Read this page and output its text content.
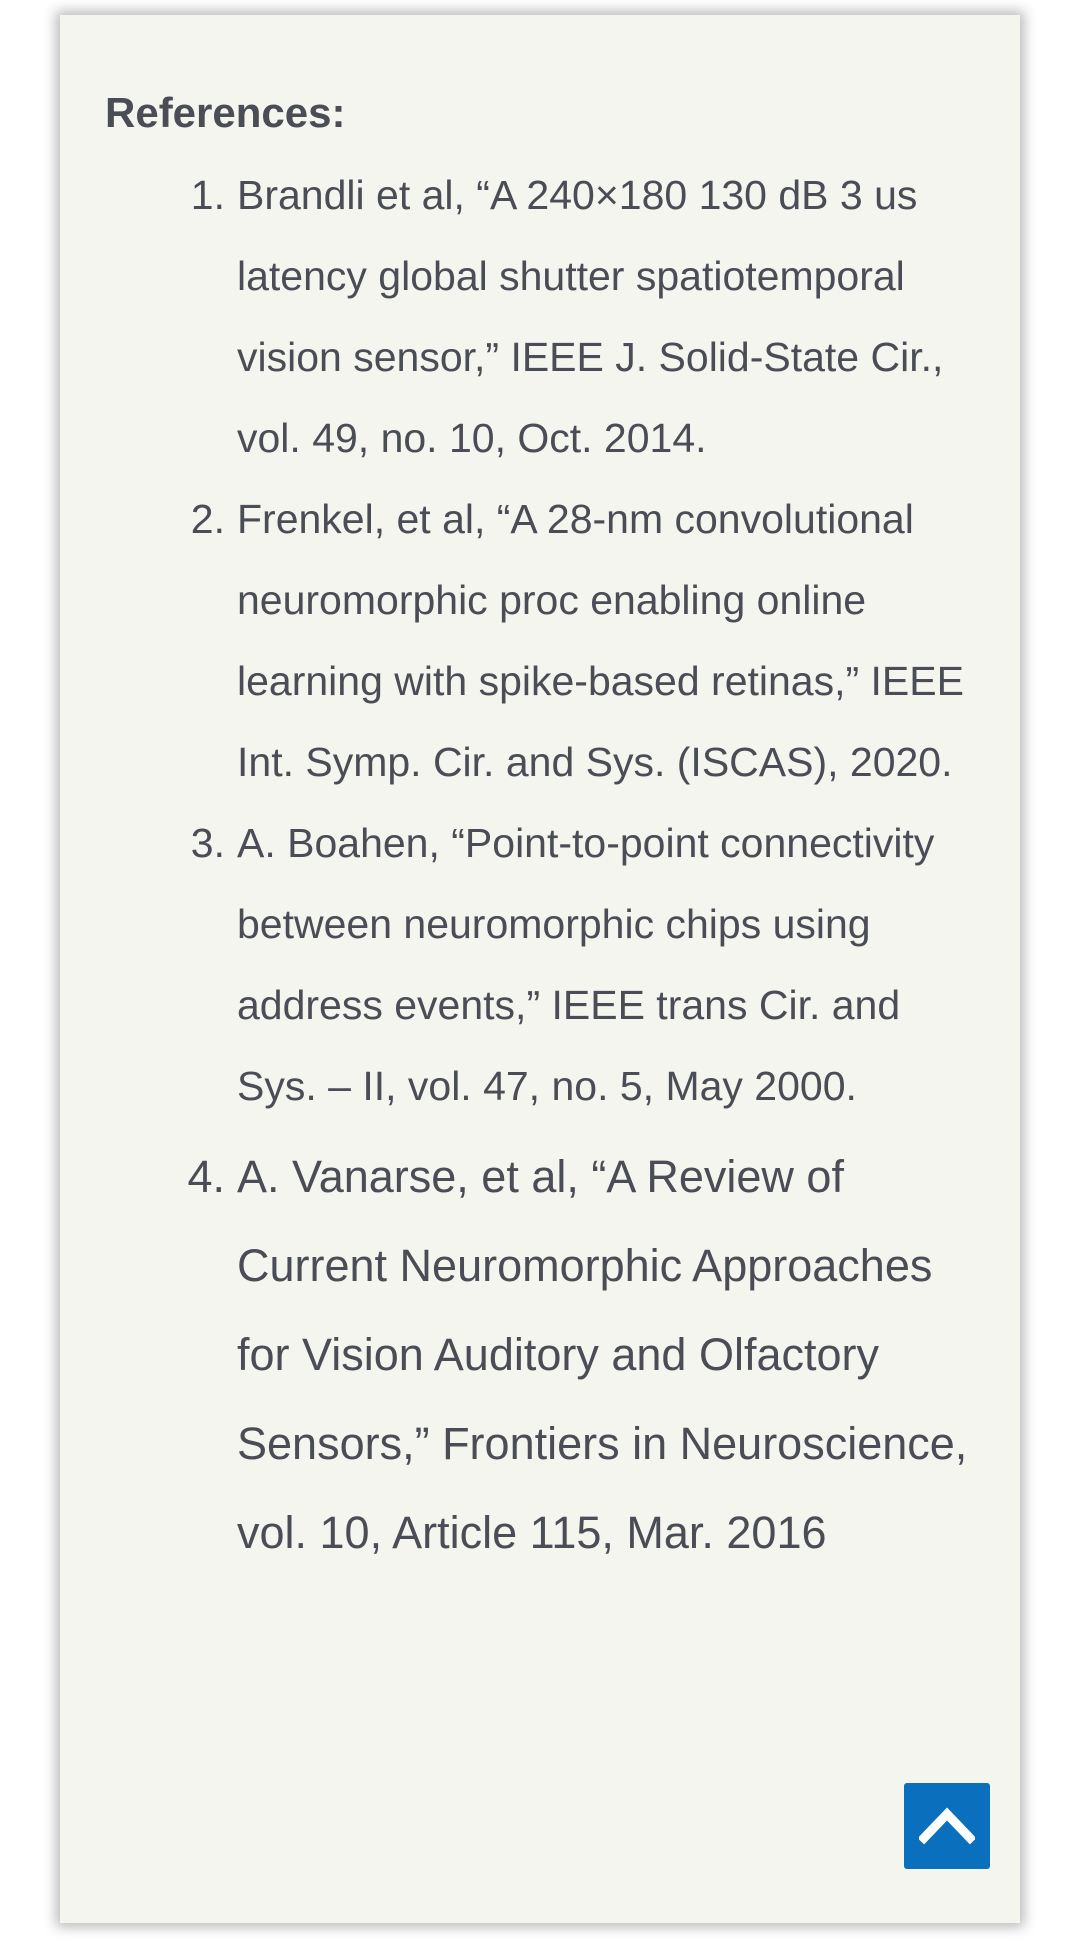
References:
1. Brandli et al, “A 240×180 130 dB 3 us latency global shutter spatiotemporal vision sensor,” IEEE J. Solid-State Cir., vol. 49, no. 10, Oct. 2014.
2. Frenkel, et al, “A 28-nm convolutional neuromorphic proc enabling online learning with spike-based retinas,” IEEE Int. Symp. Cir. and Sys. (ISCAS), 2020.
3. A. Boahen, “Point-to-point connectivity between neuromorphic chips using address events,” IEEE trans Cir. and Sys. – II, vol. 47, no. 5, May 2000.
4. A. Vanarse, et al, “A Review of Current Neuromorphic Approaches for Vision Auditory and Olfactory Sensors,” Frontiers in Neuroscience, vol. 10, Article 115, Mar. 2016
